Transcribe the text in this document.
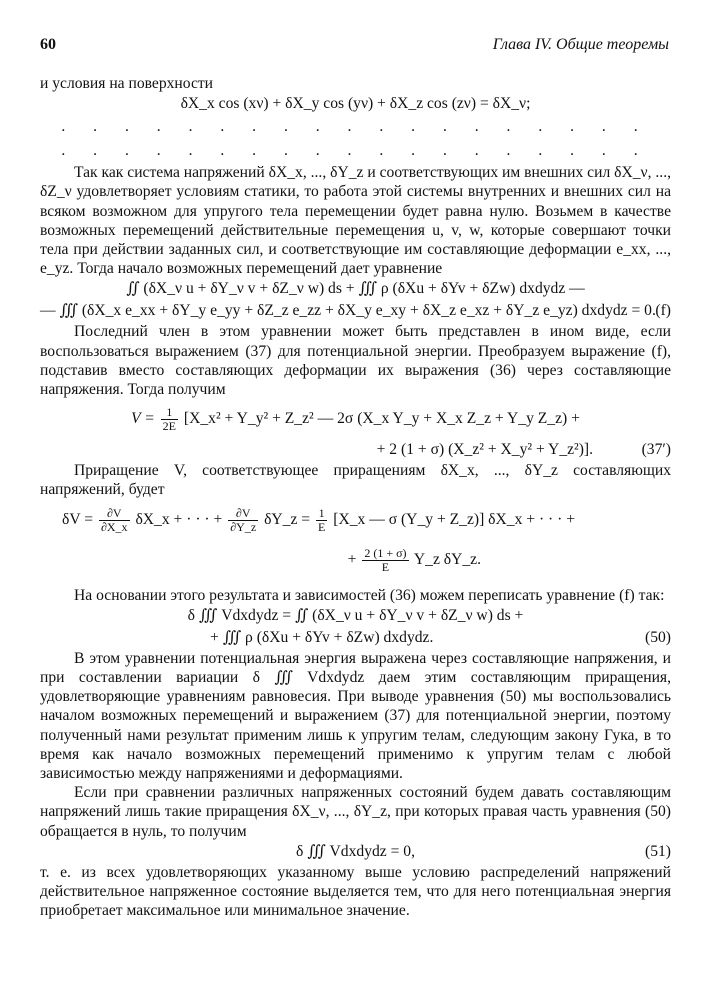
60	Глава IV. Общие теоремы

и условия на поверхности

δX_x cos (xν) + δX_y cos (yν) + δX_z cos (zν) = δX_ν;
. . . . . . . . . . . . . . . . . . .
. . . . . . . . . . . . . . . . . . .

Так как система напряжений δX_x, ..., δY_z и соответствующих им внешних сил δX_ν, ..., δZ_ν удовлетворяет условиям статики, то работа этой системы внутренних и внешних сил на всяком возможном для упругого тела перемещении будет равна нулю. Возьмем в качестве возможных перемещений действительные перемещения u, v, w, которые совершают точки тела при действии заданных сил, и соответствующие им составляющие деформации e_xx, ..., e_yz. Тогда начало возможных перемещений дает уравнение

∬ (δX_ν u + δY_ν v + δZ_ν w) ds + ∭ ρ (δXu + δYv + δZw) dxdydz —
— ∭ (δX_x e_xx + δY_y e_yy + δZ_z e_zz + δX_y e_xy + δX_z e_xz + δY_z e_yz) dxdydz = 0. (f)

Последний член в этом уравнении может быть представлен в ином виде, если воспользоваться выражением (37) для потенциальной энергии. Преобразуем выражение (f), подставив вместо составляющих деформации их выражения (36) через составляющие напряжения. Тогда получим

$V = \frac{1}{2E}$ [X_x² + Y_y² + Z_z² — 2σ (X_x Y_y + X_x Z_z + Y_y Z_z) +
+ 2 (1 + σ) (X_z² + X_y² + Y_z²)].	(37′)

Приращение V, соответствующее приращениям δX_x, ..., δY_z составляющих напряжений, будет

$\delta V = \frac{\partial V}{\partial X\_x}$ δX_x + · · · + $\frac{\partial V}{\partial Y\_z}$ δY_z = $\frac{1}{E}$ [X_x — σ (Y_y + Z_z)] δX_x + · · · +
+ $\frac{2 (1 + \sigma)}{E}$ Y_z δY_z.

На основании этого результата и зависимостей (36) можем переписать уравнение (f) так:

δ ∭ Vdxdydz = ∬ (δX_ν u + δY_ν v + δZ_ν w) ds +
+ ∭ ρ (δXu + δYv + δZw) dxdydz.	(50)

В этом уравнении потенциальная энергия выражена через составляющие напряжения, и при составлении вариации δ ∭ Vdxdydz даем этим составляющим приращения, удовлетворяющие уравнениям равновесия. При выводе уравнения (50) мы воспользовались началом возможных перемещений и выражением (37) для потенциальной энергии, поэтому полученный нами результат применим лишь к упругим телам, следующим закону Гука, в то время как начало возможных перемещений применимо к упругим телам с любой зависимостью между напряжениями и деформациями.

Если при сравнении различных напряженных состояний будем давать составляющим напряжений лишь такие приращения δX_ν, ..., δY_z, при которых правая часть уравнения (50) обращается в нуль, то получим

δ ∭ Vdxdydz = 0,	(51)

т. е. из всех удовлетворяющих указанному выше условию распределений напряжений действительное напряженное состояние выделяется тем, что для него потенциальная энергия приобретает максимальное или минимальное значение.
